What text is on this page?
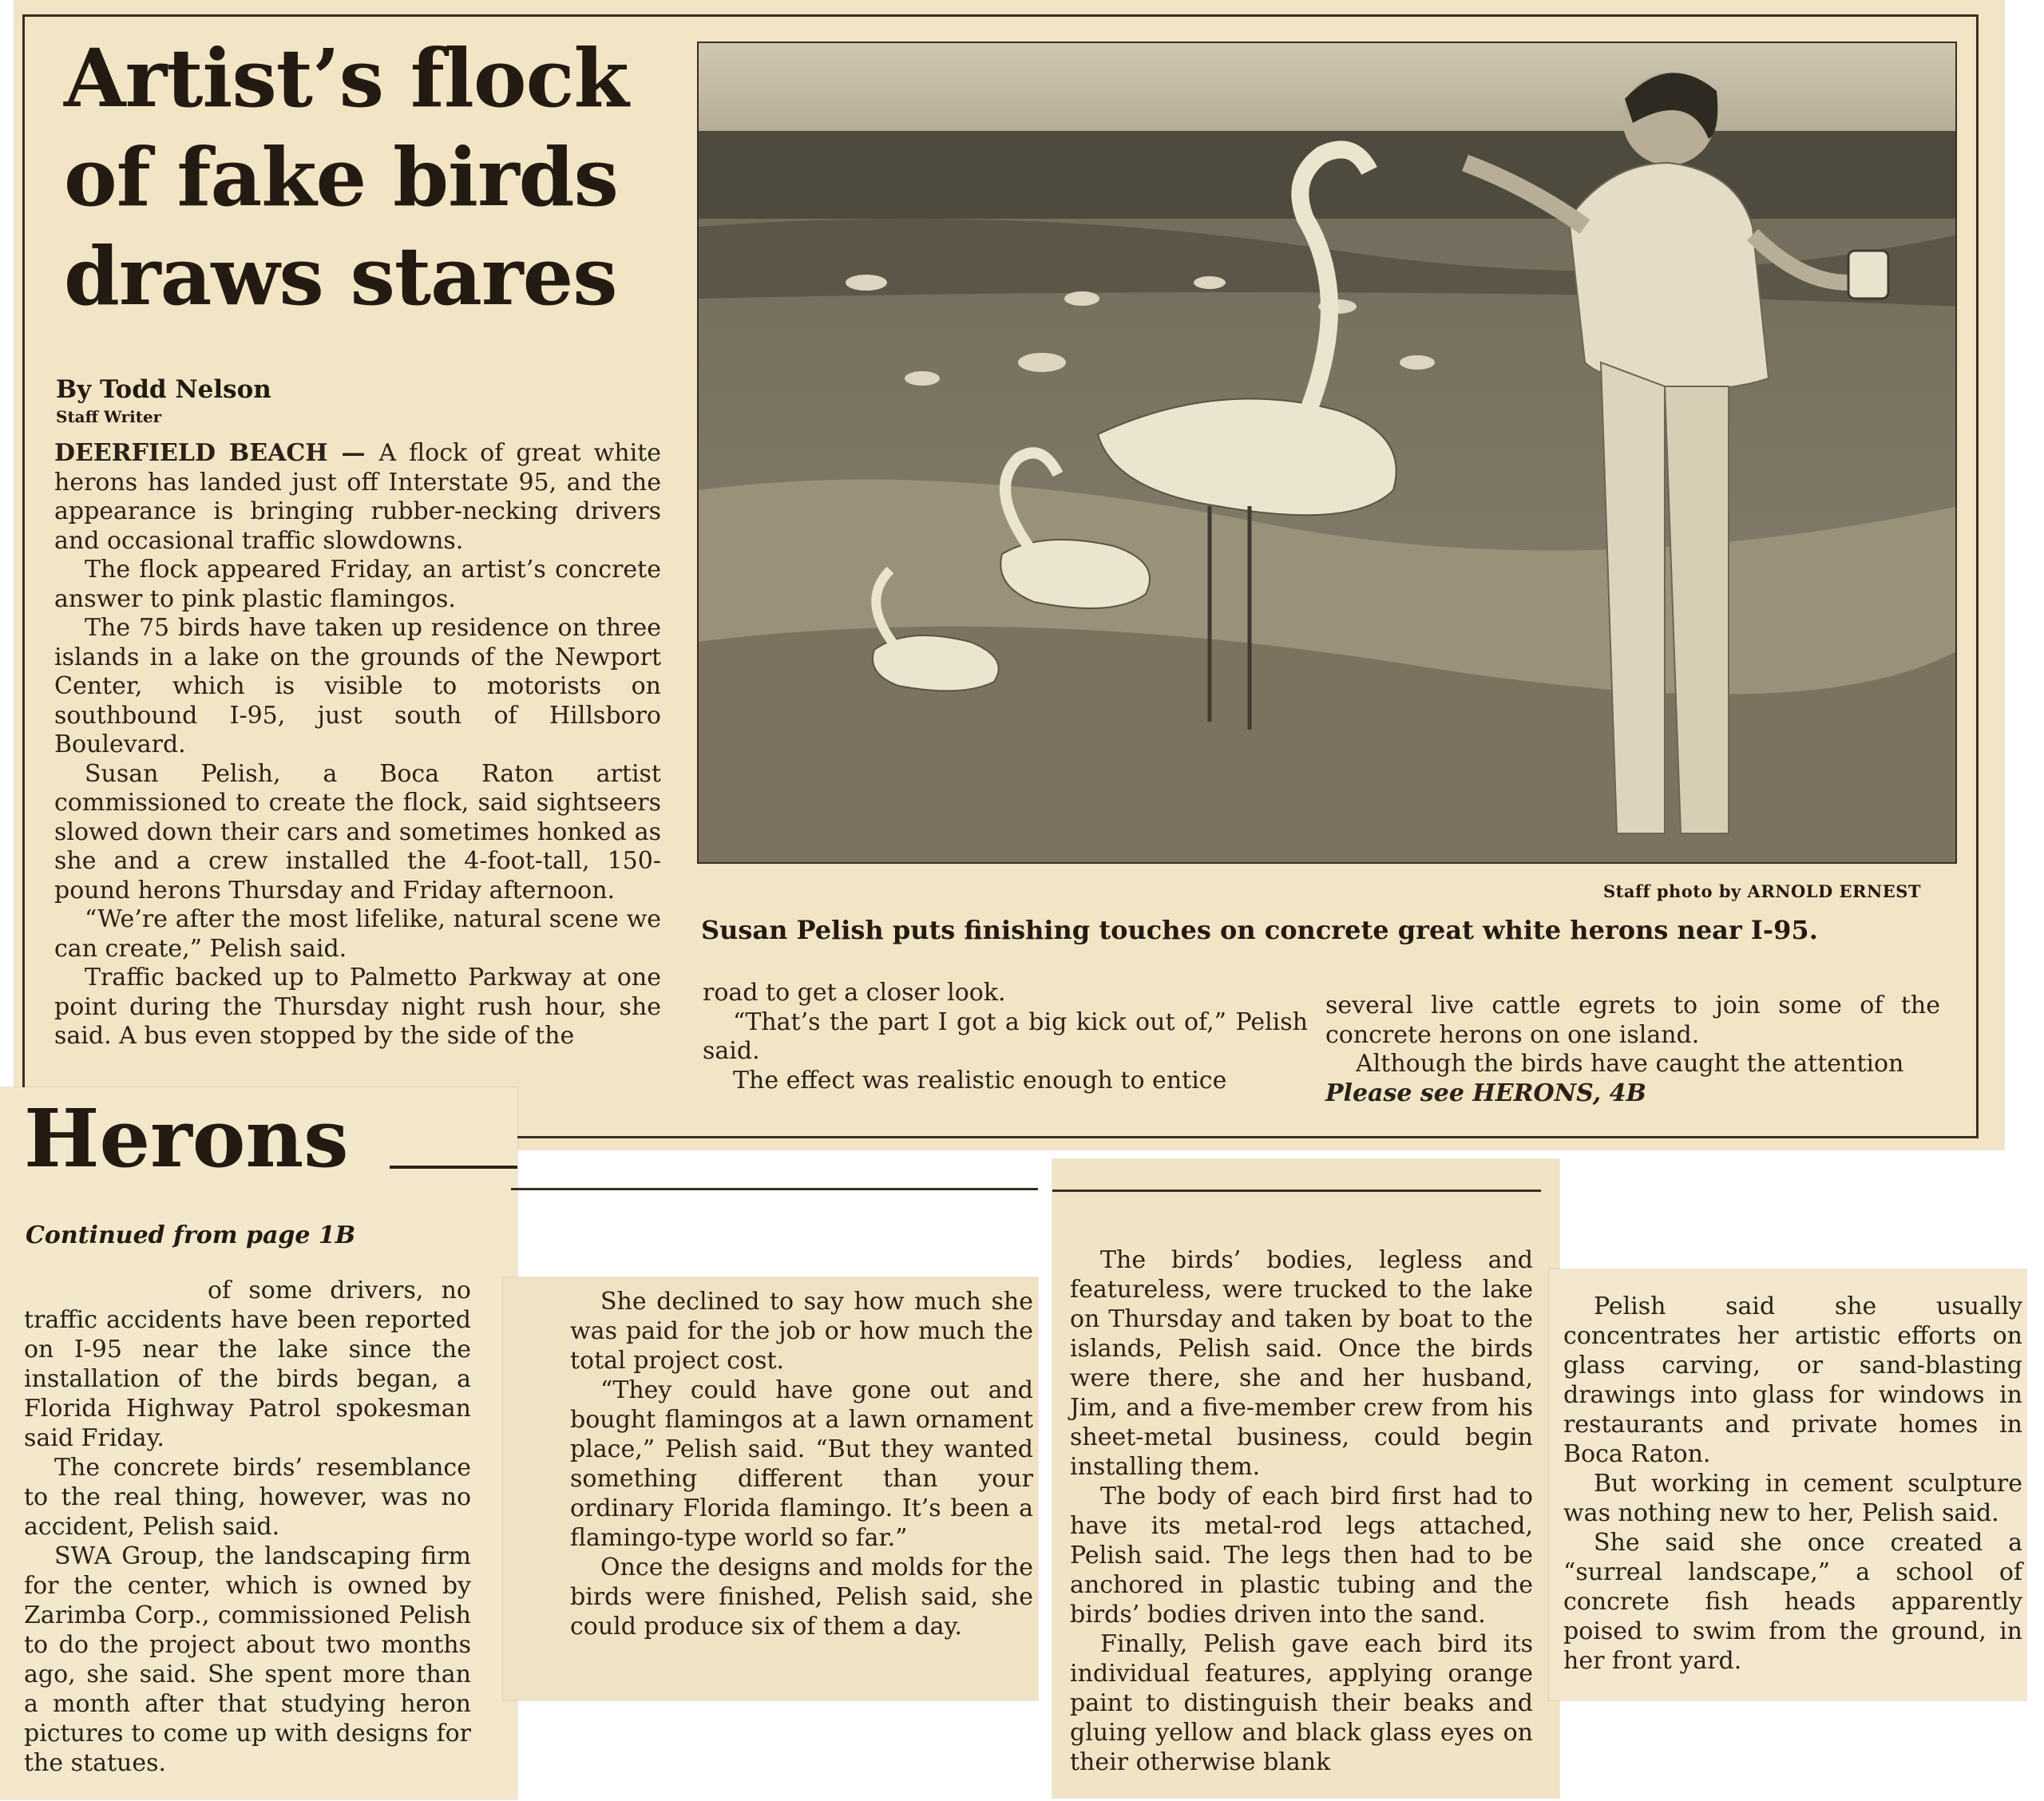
Artist’s flock of fake birds draws stares
By Todd Nelson
Staff Writer

DEERFIELD BEACH — A flock of great white herons has landed just off Interstate 95, and the appearance is bringing rubber-necking drivers and occasional traffic slowdowns.

The flock appeared Friday, an artist’s concrete answer to pink plastic flamingos.

The 75 birds have taken up residence on three islands in a lake on the grounds of the Newport Center, which is visible to motorists on southbound I-95, just south of Hillsboro Boulevard.

Susan Pelish, a Boca Raton artist commissioned to create the flock, said sightseers slowed down their cars and sometimes honked as she and a crew installed the 4-foot-tall, 150-pound herons Thursday and Friday afternoon.

“We’re after the most lifelike, natural scene we can create,” Pelish said.

Traffic backed up to Palmetto Parkway at one point during the Thursday night rush hour, she said. A bus even stopped by the side of the

Staff photo by ARNOLD ERNEST
Susan Pelish puts finishing touches on concrete great white herons near I-95.

road to get a closer look.

“That’s the part I got a big kick out of,” Pelish said.

The effect was realistic enough to entice

several live cattle egrets to join some of the concrete herons on one island.

Although the birds have caught the attention

Please see HERONS, 4B

Herons
Continued from page 1B

of some drivers, no traffic accidents have been reported on I-95 near the lake since the installation of the birds began, a Florida Highway Patrol spokesman said Friday.

The concrete birds’ resemblance to the real thing, however, was no accident, Pelish said.

SWA Group, the landscaping firm for the center, which is owned by Zarimba Corp., commissioned Pelish to do the project about two months ago, she said. She spent more than a month after that studying heron pictures to come up with designs for the statues.

She declined to say how much she was paid for the job or how much the total project cost.

“They could have gone out and bought flamingos at a lawn ornament place,” Pelish said. “But they wanted something different than your ordinary Florida flamingo. It’s been a flamingo-type world so far.”

Once the designs and molds for the birds were finished, Pelish said, she could produce six of them a day.

The birds’ bodies, legless and featureless, were trucked to the lake on Thursday and taken by boat to the islands, Pelish said. Once the birds were there, she and her husband, Jim, and a five-member crew from his sheet-metal business, could begin installing them.

The body of each bird first had to have its metal-rod legs attached, Pelish said. The legs then had to be anchored in plastic tubing and the birds’ bodies driven into the sand.

Finally, Pelish gave each bird its individual features, applying orange paint to distinguish their beaks and gluing yellow and black glass eyes on their otherwise blank

Pelish said she usually concentrates her artistic efforts on glass carving, or sand-blasting drawings into glass for windows in restaurants and private homes in Boca Raton.

But working in cement sculpture was nothing new to her, Pelish said.

She said she once created a “surreal landscape,” a school of concrete fish heads apparently poised to swim from the ground, in her front yard.
